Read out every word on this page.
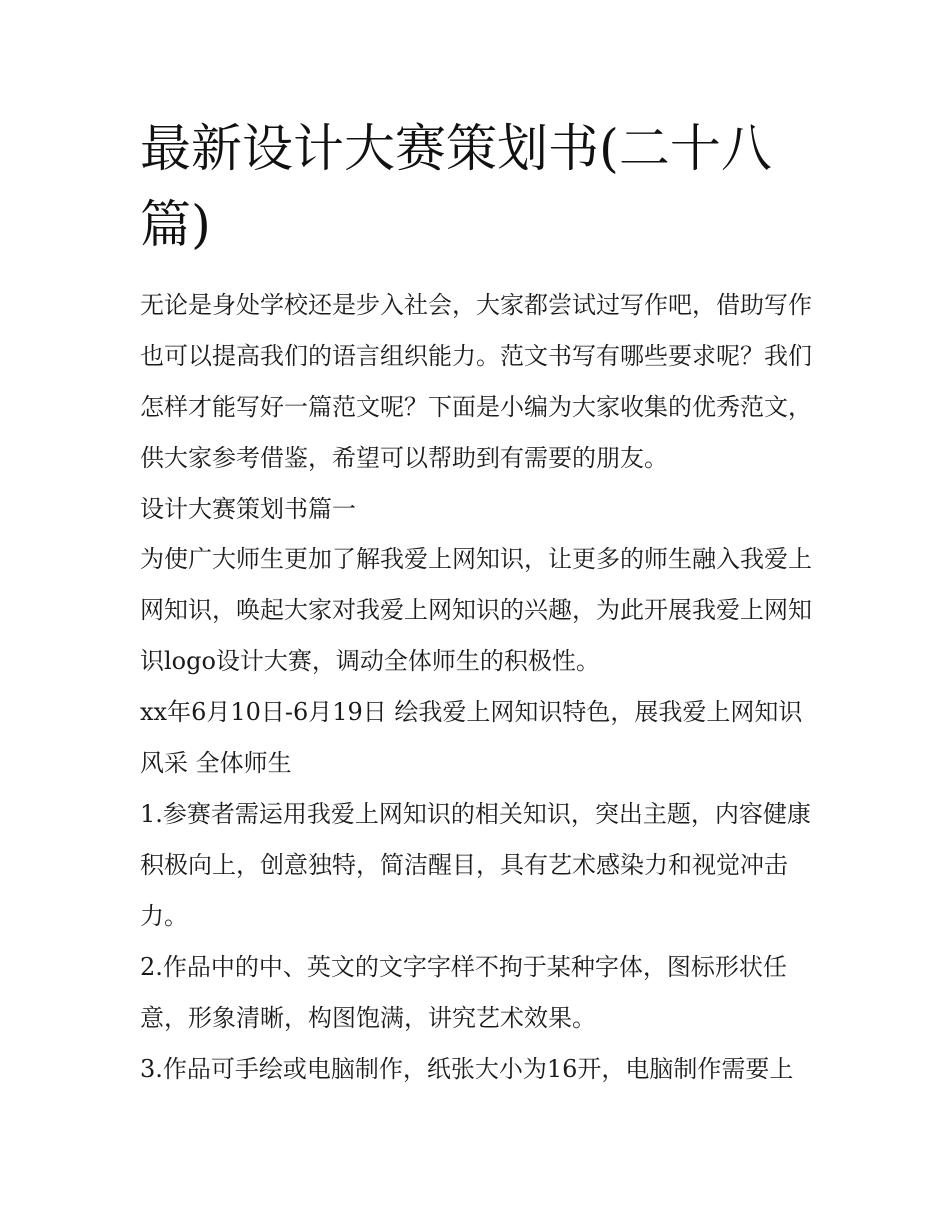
最新设计大赛策划书(二十八篇)

无论是身处学校还是步入社会，大家都尝试过写作吧，借助写作也可以提高我们的语言组织能力。范文书写有哪些要求呢？我们怎样才能写好一篇范文呢？下面是小编为大家收集的优秀范文，供大家参考借鉴，希望可以帮助到有需要的朋友。

设计大赛策划书篇一

为使广大师生更加了解我爱上网知识，让更多的师生融入我爱上网知识，唤起大家对我爱上网知识的兴趣，为此开展我爱上网知识logo设计大赛，调动全体师生的积极性。

xx年6月10日-6月19日 绘我爱上网知识特色，展我爱上网知识风采 全体师生

1.参赛者需运用我爱上网知识的相关知识，突出主题，内容健康积极向上，创意独特，简洁醒目，具有艺术感染力和视觉冲击力。

2.作品中的中、英文的文字字样不拘于某种字体，图标形状任意，形象清晰，构图饱满，讲究艺术效果。

3.作品可手绘或电脑制作，纸张大小为16开，电脑制作需要上
